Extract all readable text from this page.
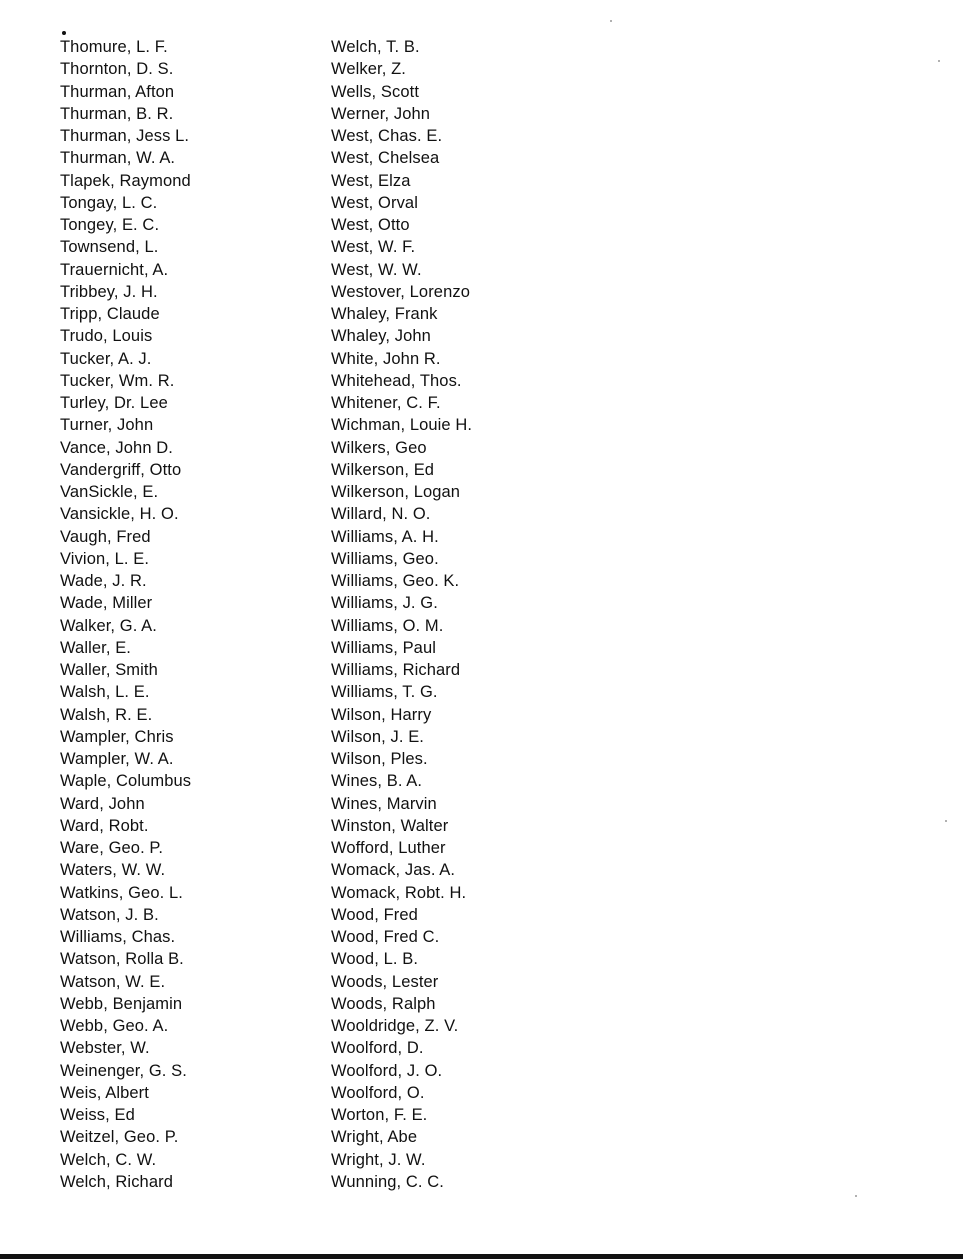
Thomure, L. F.
Thornton, D. S.
Thurman, Afton
Thurman, B. R.
Thurman, Jess L.
Thurman, W. A.
Tlapek, Raymond
Tongay, L. C.
Tongey, E. C.
Townsend, L.
Trauernicht, A.
Tribbey, J. H.
Tripp, Claude
Trudo, Louis
Tucker, A. J.
Tucker, Wm. R.
Turley, Dr. Lee
Turner, John
Vance, John D.
Vandergriff, Otto
VanSickle, E.
Vansickle, H. O.
Vaugh, Fred
Vivion, L. E.
Wade, J. R.
Wade, Miller
Walker, G. A.
Waller, E.
Waller, Smith
Walsh, L. E.
Walsh, R. E.
Wampler, Chris
Wampler, W. A.
Waple, Columbus
Ward, John
Ward, Robt.
Ware, Geo. P.
Waters, W. W.
Watkins, Geo. L.
Watson, J. B.
Williams, Chas.
Watson, Rolla B.
Watson, W. E.
Webb, Benjamin
Webb, Geo. A.
Webster, W.
Weinenger, G. S.
Weis, Albert
Weiss, Ed
Weitzel, Geo. P.
Welch, C. W.
Welch, Richard
Welch, T. B.
Welker, Z.
Wells, Scott
Werner, John
West, Chas. E.
West, Chelsea
West, Elza
West, Orval
West, Otto
West, W. F.
West, W. W.
Westover, Lorenzo
Whaley, Frank
Whaley, John
White, John R.
Whitehead, Thos.
Whitener, C. F.
Wichman, Louie H.
Wilkers, Geo
Wilkerson, Ed
Wilkerson, Logan
Willard, N. O.
Williams, A. H.
Williams, Geo.
Williams, Geo. K.
Williams, J. G.
Williams, O. M.
Williams, Paul
Williams, Richard
Williams, T. G.
Wilson, Harry
Wilson, J. E.
Wilson, Ples.
Wines, B. A.
Wines, Marvin
Winston, Walter
Wofford, Luther
Womack, Jas. A.
Womack, Robt. H.
Wood, Fred
Wood, Fred C.
Wood, L. B.
Woods, Lester
Woods, Ralph
Wooldridge, Z. V.
Woolford, D.
Woolford, J. O.
Woolford, O.
Worton, F. E.
Wright, Abe
Wright, J. W.
Wunning, C. C.
